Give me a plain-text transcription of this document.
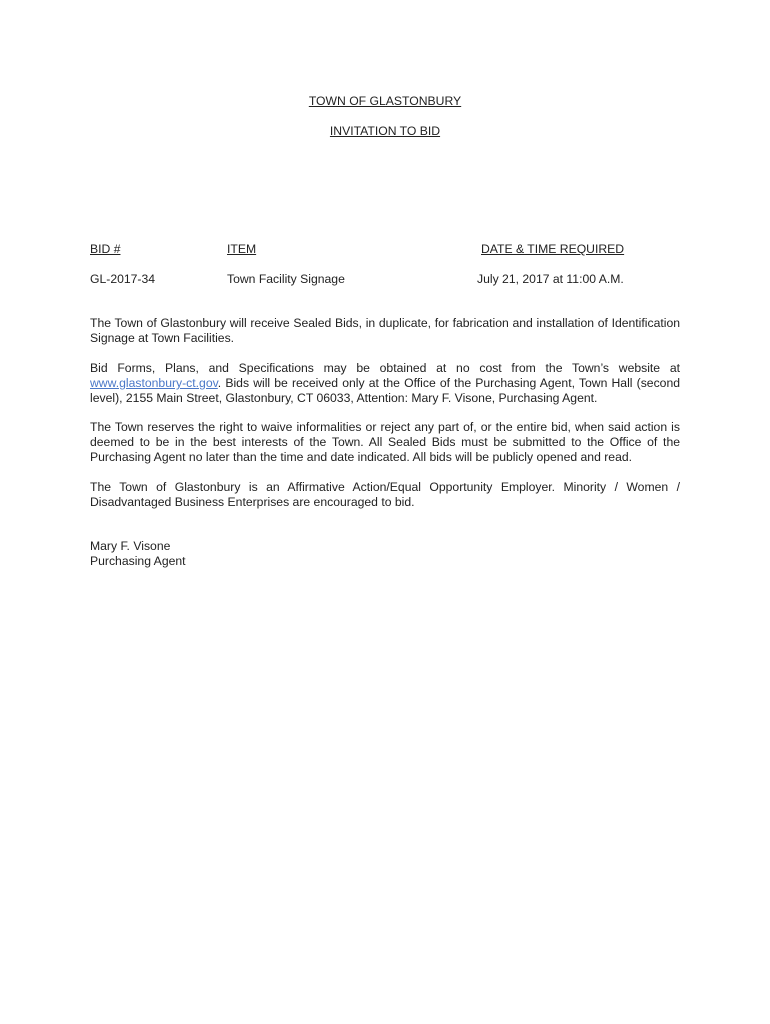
TOWN OF GLASTONBURY
INVITATION TO BID
BID #	ITEM	DATE & TIME REQUIRED
GL-2017-34	Town Facility Signage	July 21, 2017 at 11:00 A.M.

The Town of Glastonbury will receive Sealed Bids, in duplicate, for fabrication and installation of Identification Signage at Town Facilities.

Bid Forms, Plans, and Specifications may be obtained at no cost from the Town’s website at www.glastonbury-ct.gov. Bids will be received only at the Office of the Purchasing Agent, Town Hall (second level), 2155 Main Street, Glastonbury, CT 06033, Attention: Mary F. Visone, Purchasing Agent.

The Town reserves the right to waive informalities or reject any part of, or the entire bid, when said action is deemed to be in the best interests of the Town. All Sealed Bids must be submitted to the Office of the Purchasing Agent no later than the time and date indicated. All bids will be publicly opened and read.

The Town of Glastonbury is an Affirmative Action/Equal Opportunity Employer. Minority / Women / Disadvantaged Business Enterprises are encouraged to bid.

Mary F. Visone
Purchasing Agent
